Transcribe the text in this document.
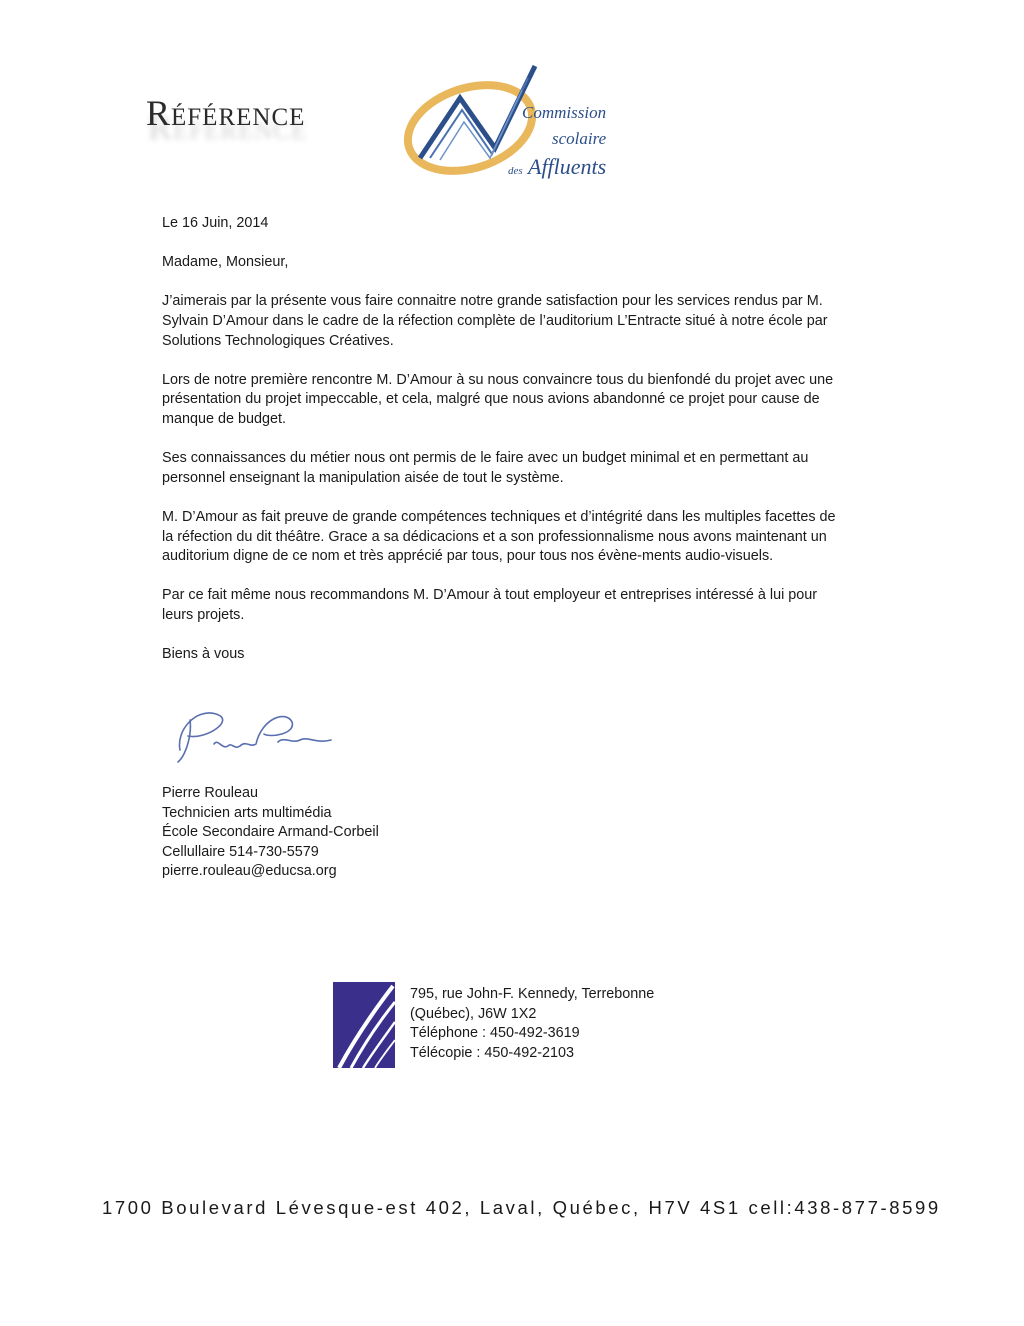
Référence	Commission
scolaire
des Affluents

Le 16 Juin, 2014

Madame, Monsieur,

J’aimerais par la présente vous faire connaitre notre grande satisfaction pour les services rendus par M. Sylvain D’Amour dans le cadre de la réfection complète de l’auditorium L’Entracte situé à notre école par Solutions Technologiques Créatives.

Lors de notre première rencontre M. D’Amour à su nous convaincre tous du bienfondé du projet avec une présentation du projet impeccable, et cela, malgré que nous avions abandonné ce projet pour cause de manque de budget.

Ses connaissances du métier nous ont permis de le faire avec un budget minimal et en permettant au personnel enseignant la manipulation aisée de tout le système.

M. D’Amour as fait preuve de grande compétences techniques et d’intégrité dans les multiples facettes de la réfection du dit théâtre. Grace a sa dédicacions et a son professionnalisme nous avons maintenant un auditorium digne de ce nom et très apprécié par tous, pour tous nos évène-ments audio-visuels.

Par ce fait même nous recommandons M. D’Amour à tout employeur et entreprises intéressé à lui pour leurs projets.

Biens à vous

Pierre Rouleau
Technicien arts multimédia
École Secondaire Armand-Corbeil
Cellullaire 514-730-5579
pierre.rouleau@educsa.org
795, rue John-F. Kennedy, Terrebonne
(Québec), J6W 1X2
Téléphone : 450-492-3619
Télécopie : 450-492-2103
1700 Boulevard Lévesque-est 402, Laval, Québec, H7V 4S1 cell:438-877-8599
